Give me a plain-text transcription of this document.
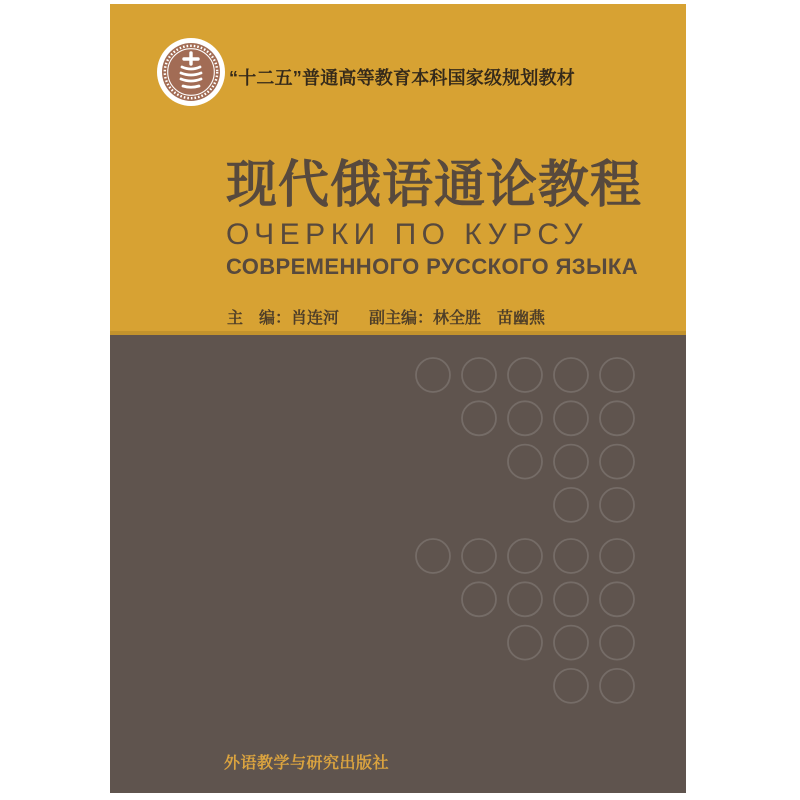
“十二五”普通高等教育本科国家级规划教材
现代俄语通论教程
ОЧЕРКИ ПО КУРСУ
СОВРЕМЕННОГО РУССКОГО ЯЗЫКА
主　编：肖连河 副主编：林全胜　苗幽燕
外语教学与研究出版社
